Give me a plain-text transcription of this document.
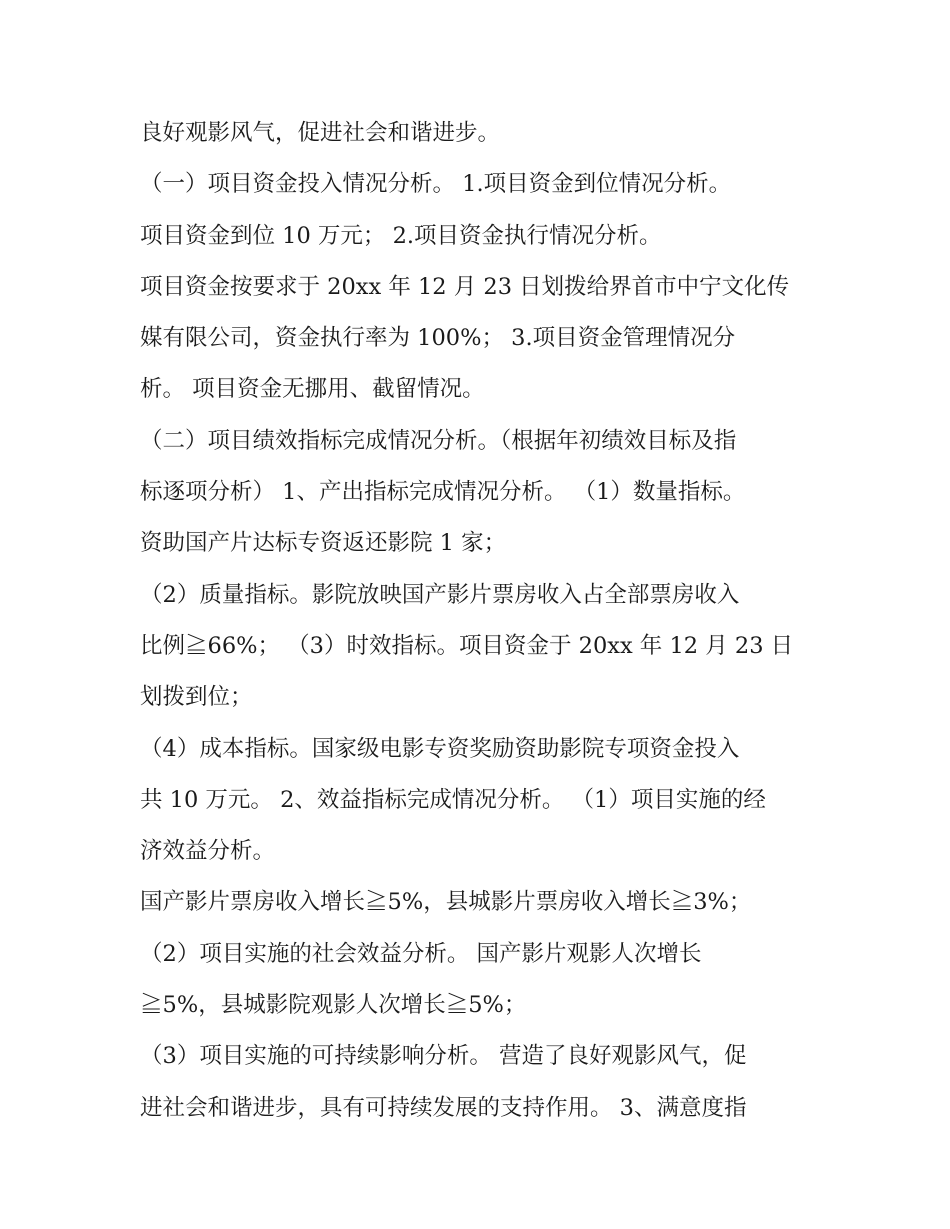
良好观影风气，促进社会和谐进步。
（一）项目资金投入情况分析。 1.项目资金到位情况分析。
项目资金到位 10 万元； 2.项目资金执行情况分析。
项目资金按要求于 20xx 年 12 月 23 日划拨给界首市中宁文化传
媒有限公司，资金执行率为 100%； 3.项目资金管理情况分
析。 项目资金无挪用、截留情况。
（二）项目绩效指标完成情况分析。（根据年初绩效目标及指
标逐项分析） 1、产出指标完成情况分析。 （1）数量指标。
资助国产片达标专资返还影院 1 家；
（2）质量指标。影院放映国产影片票房收入占全部票房收入
比例≧66%； （3）时效指标。项目资金于 20xx 年 12 月 23 日
划拨到位；
（4）成本指标。国家级电影专资奖励资助影院专项资金投入
共 10 万元。 2、效益指标完成情况分析。 （1）项目实施的经
济效益分析。
国产影片票房收入增长≧5%，县城影片票房收入增长≧3%；
（2）项目实施的社会效益分析。 国产影片观影人次增长
≧5%，县城影院观影人次增长≧5%；
（3）项目实施的可持续影响分析。 营造了良好观影风气，促
进社会和谐进步，具有可持续发展的支持作用。 3、满意度指
